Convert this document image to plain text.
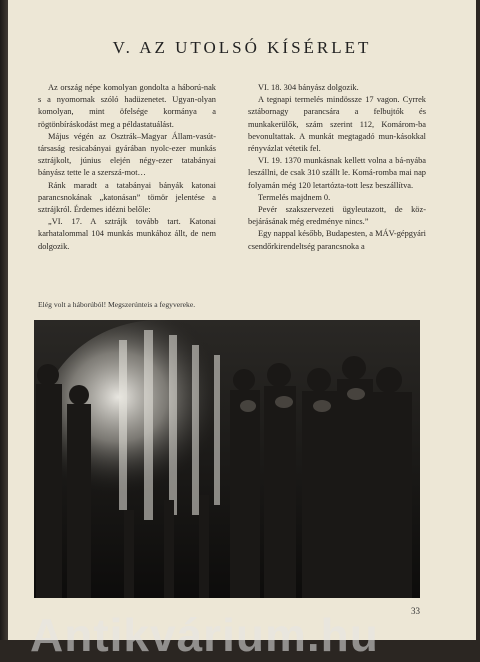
V. AZ UTOLSÓ KÍSÉRLET

Az ország népe komolyan gondolta a háború-nak s a nyomornak szóló hadüzenetet. Ugyan-olyan komolyan, mint öfelsége kormánya a rögtönbíráskodást meg a példastatuálást.

Május végén az Osztrák–Magyar Állam-vasút-társaság resicabányai gyárában nyolc-ezer munkás sztrájkolt, június elején négy-ezer tatabányai bányász tette le a szerszá-mot…

Ránk maradt a tatabányai bányák katonai parancsnokának „katonásan” tömör jelentése a sztrájkról. Érdemes idézni belőle:

„VI. 17. A sztrájk tovább tart. Katonai karhatalommal 104 munkás munkához állt, de nem dolgozik.

VI. 18. 304 bányász dolgozik.

A tegnapi termelés mindössze 17 vagon. Cyrrek sztábornagy parancsára a felbujtók és munkakerülők, szám szerint 112, Komárom-ba bevonultattak. A munkát megtagadó mun-kásokkal rényvázlat vétetik fel.

VI. 19. 1370 munkásnak kellett volna a bá-nyába leszállni, de csak 310 szállt le. Komá-romba mai nap folyamán még 120 letartózta-tott lesz beszállítva.

Termelés majdnem 0.

Pevér szakszervezeti ügyleutazott, de köz-bejárásának még eredménye nincs.”

Egy nappal később, Budapesten, a MÁV-gépgyári csendőrkirendeltség parancsnoka a

Elég volt a háborúból! Megszerúnteis a fegyvereke.
33
Antikvárium.hu
